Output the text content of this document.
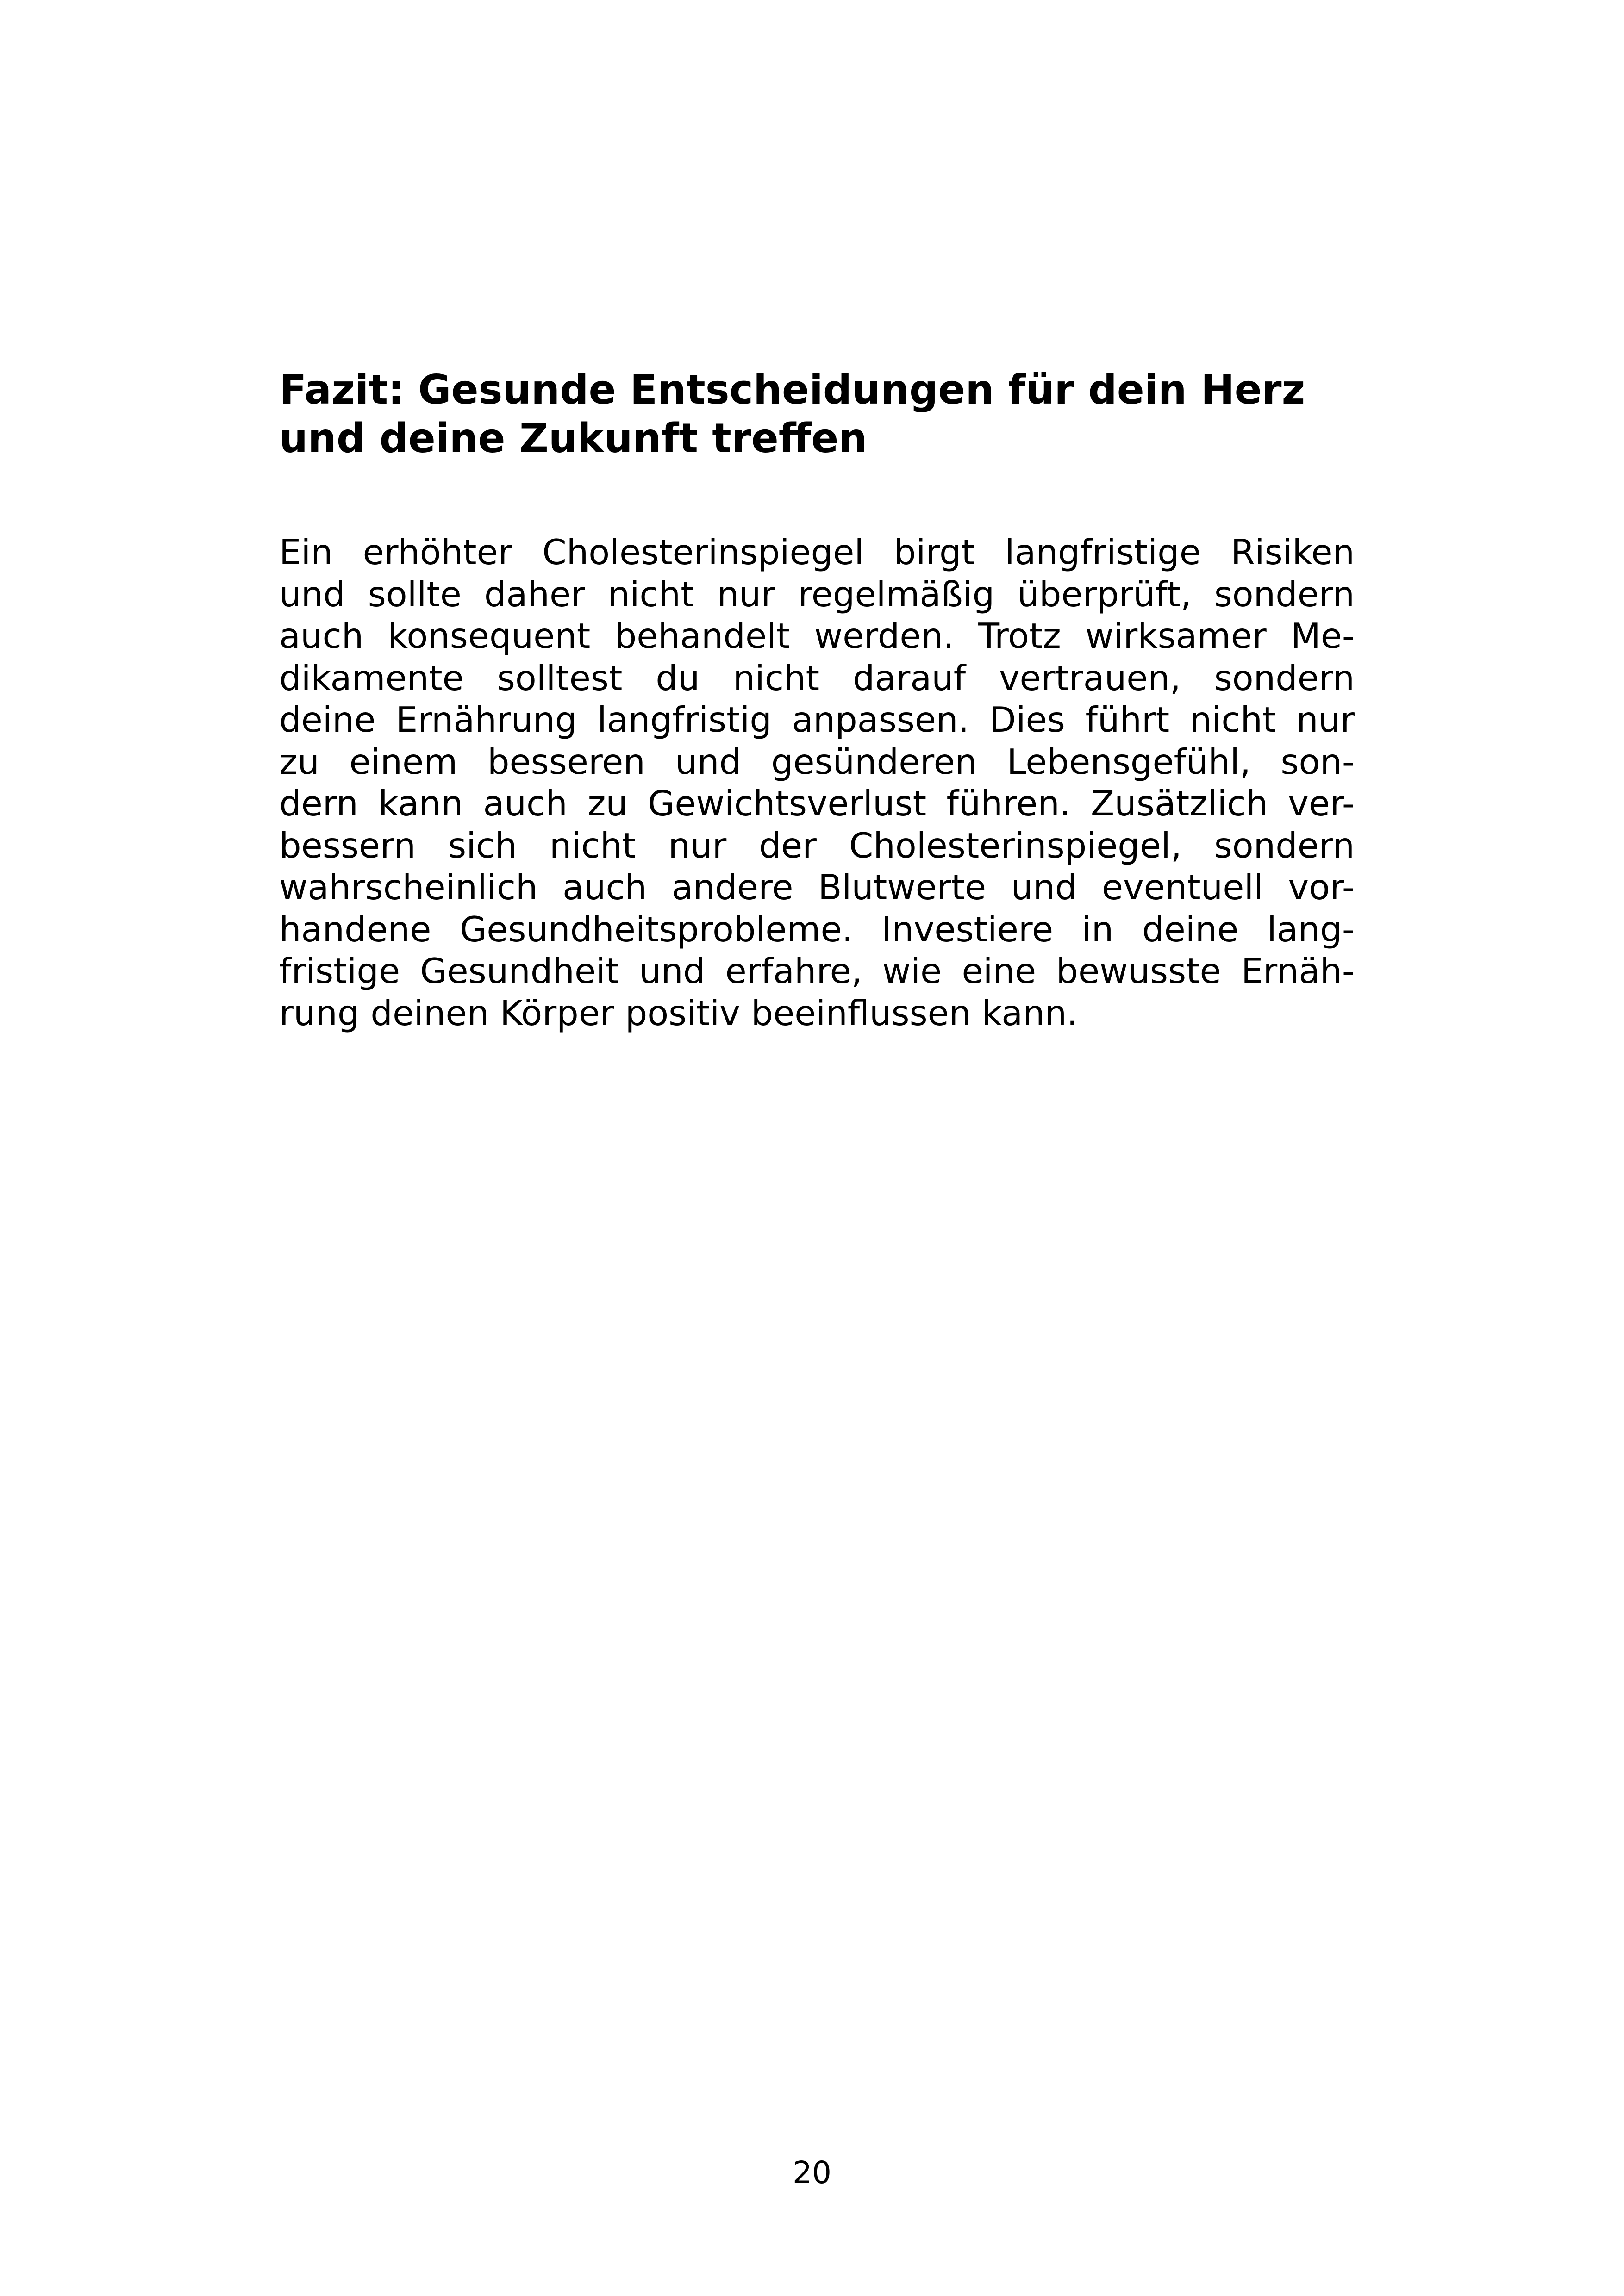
Fazit: Gesunde Entscheidungen für dein Herz
und deine Zukunft treffen
Ein erhöhter Cholesterinspiegel birgt langfristige Risiken
und sollte daher nicht nur regelmäßig überprüft, sondern
auch konsequent behandelt werden. Trotz wirksamer Me-
dikamente solltest du nicht darauf vertrauen, sondern
deine Ernährung langfristig anpassen. Dies führt nicht nur
zu einem besseren und gesünderen Lebensgefühl, son-
dern kann auch zu Gewichtsverlust führen. Zusätzlich ver-
bessern sich nicht nur der Cholesterinspiegel, sondern
wahrscheinlich auch andere Blutwerte und eventuell vor-
handene Gesundheitsprobleme. Investiere in deine lang-
fristige Gesundheit und erfahre, wie eine bewusste Ernäh-
rung deinen Körper positiv beeinflussen kann.
20
